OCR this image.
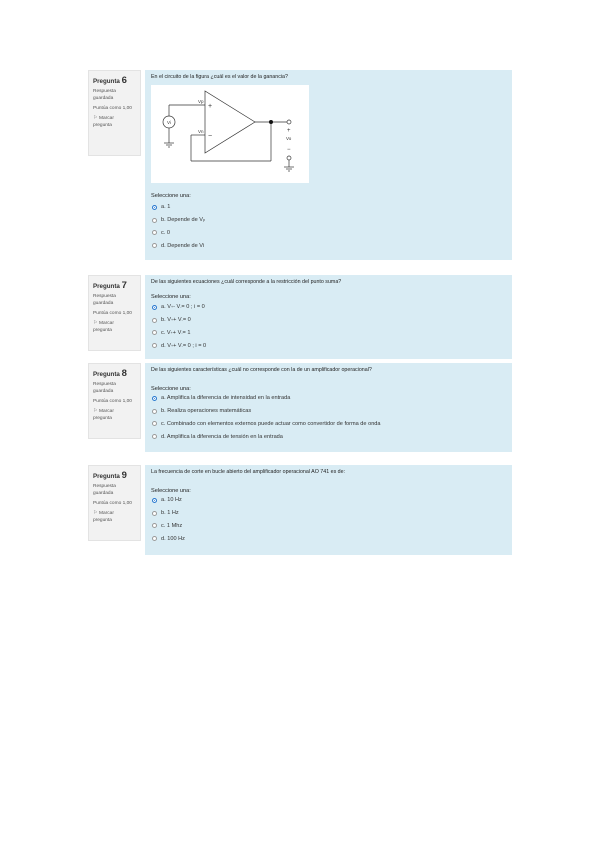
Pregunta 6
Respuesta
guardada
Puntúa como 1,00
⚐ Marcar
pregunta

En el circuito de la figura ¿cuál es el valor de la ganancia?

Vi
+
−
Vp
Vn	+
Vo
−
Seleccione una:
a. 1
b. Depende de V p
c. 0
d. Depende de Vi
Pregunta 7
Respuesta
guardada
Puntúa como 1,00
⚐ Marcar
pregunta

De las siguientes ecuaciones ¿cuál corresponde a la restricción del punto suma?

Seleccione una:
a. V + - V - = 0 ; i = 0
b. V + + V - = 0
c. V + + V - = 1
d. V + + V - = 0 ; i = 0
Pregunta 8
Respuesta
guardada
Puntúa como 1,00
⚐ Marcar
pregunta

De las siguientes características ¿cuál no corresponde con la de un amplificador operacional?

Seleccione una:
a. Amplifica la diferencia de intensidad en la entrada
b. Realiza operaciones matemáticas
c. Combinado con elementos externos puede actuar como convertidor de forma de onda
d. Amplifica la diferencia de tensión en la entrada
Pregunta 9
Respuesta
guardada
Puntúa como 1,00
⚐ Marcar
pregunta

La frecuencia de corte en bucle abierto del amplificador operacional AO 741 es de:

Seleccione una:
a. 10 Hz
b. 1 Hz
c. 1 Mhz
d. 100 Hz
